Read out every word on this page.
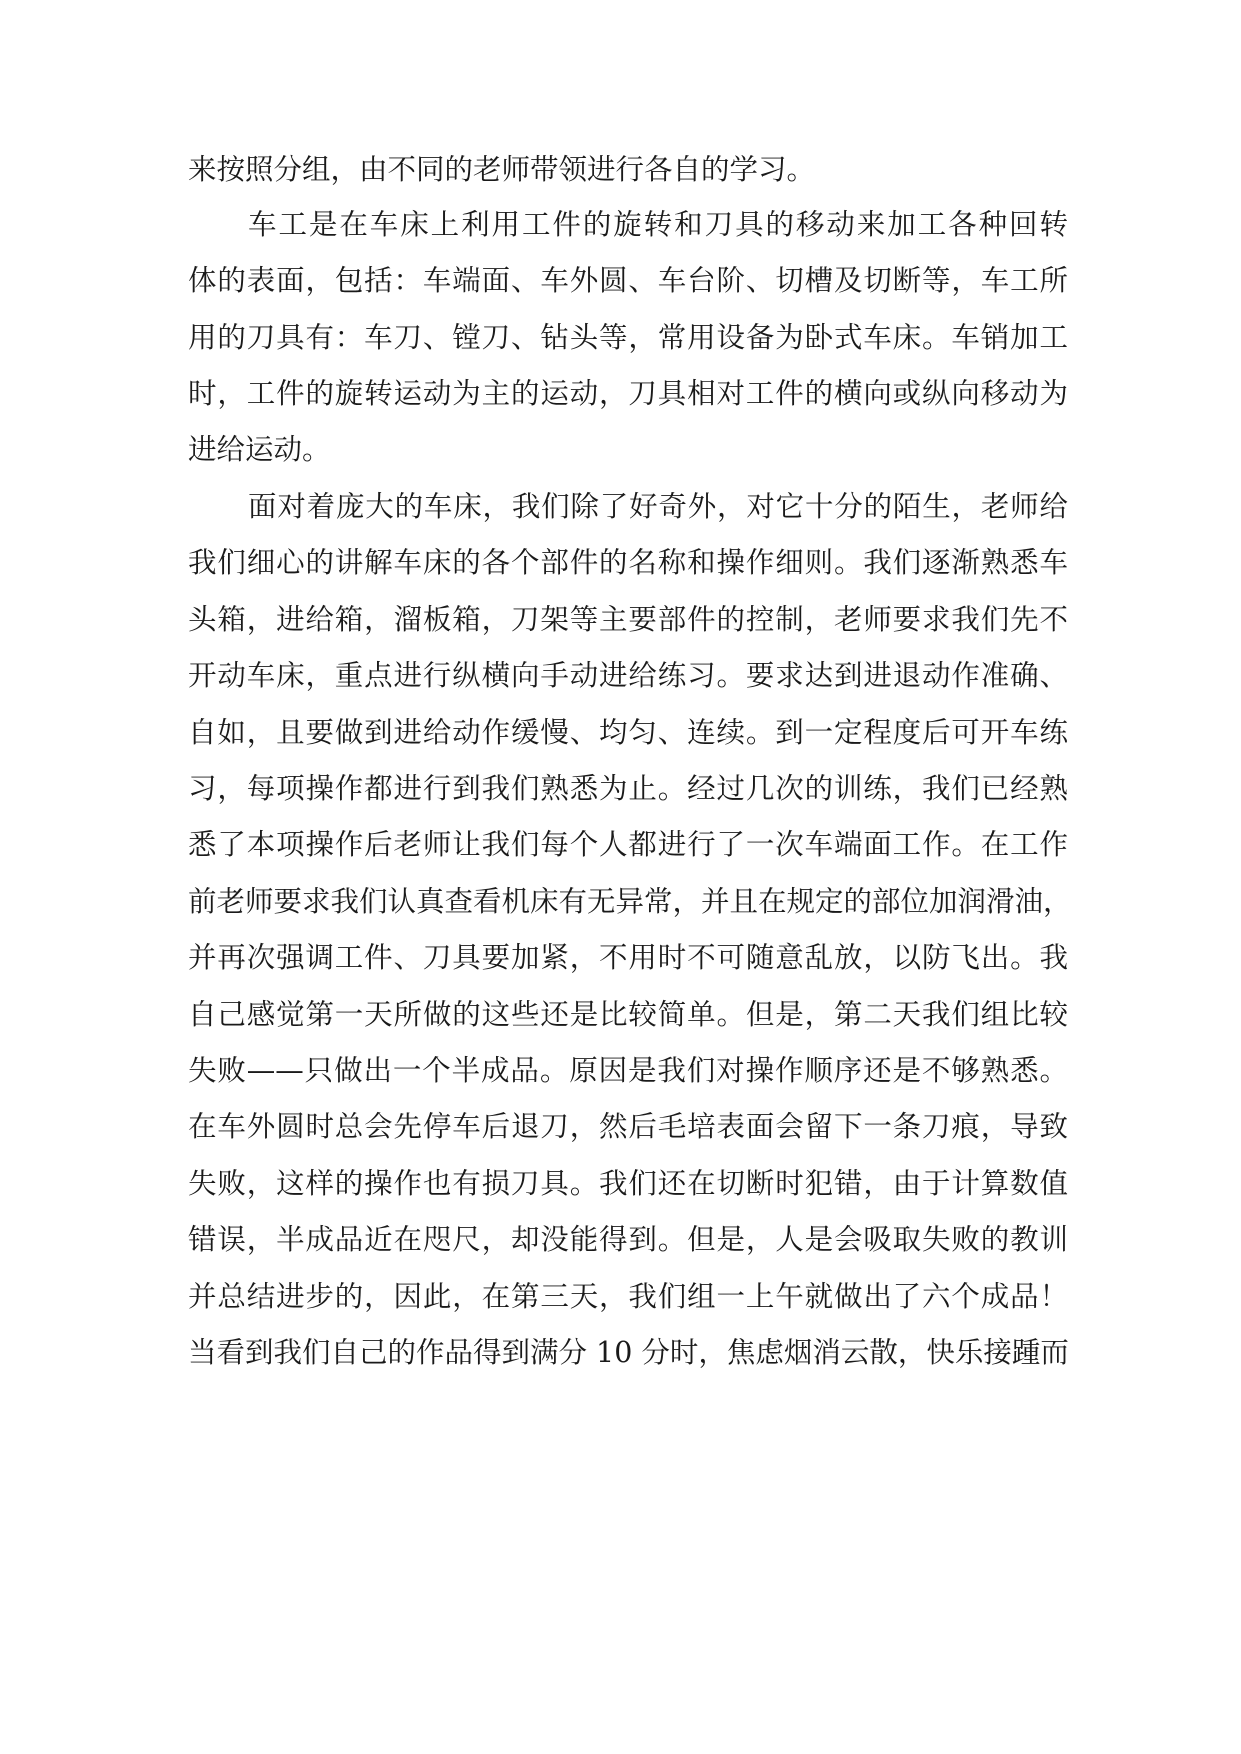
来按照分组，由不同的老师带领进行各自的学习。
车工是在车床上利用工件的旋转和刀具的移动来加工各种回转
体的表面，包括：车端面、车外圆、车台阶、切槽及切断等，车工所
用的刀具有：车刀、镗刀、钻头等，常用设备为卧式车床。车销加工
时，工件的旋转运动为主的运动，刀具相对工件的横向或纵向移动为
进给运动。
面对着庞大的车床，我们除了好奇外，对它十分的陌生，老师给
我们细心的讲解车床的各个部件的名称和操作细则。我们逐渐熟悉车
头箱，进给箱，溜板箱，刀架等主要部件的控制，老师要求我们先不
开动车床，重点进行纵横向手动进给练习。要求达到进退动作准确、
自如，且要做到进给动作缓慢、均匀、连续。到一定程度后可开车练
习，每项操作都进行到我们熟悉为止。经过几次的训练，我们已经熟
悉了本项操作后老师让我们每个人都进行了一次车端面工作。在工作
前老师要求我们认真查看机床有无异常，并且在规定的部位加润滑油，
并再次强调工件、刀具要加紧，不用时不可随意乱放，以防飞出。我
自己感觉第一天所做的这些还是比较简单。但是，第二天我们组比较
失败——只做出一个半成品。原因是我们对操作顺序还是不够熟悉。
在车外圆时总会先停车后退刀，然后毛培表面会留下一条刀痕，导致
失败，这样的操作也有损刀具。我们还在切断时犯错，由于计算数值
错误，半成品近在咫尺，却没能得到。但是，人是会吸取失败的教训
并总结进步的，因此，在第三天，我们组一上午就做出了六个成品！
当看到我们自己的作品得到满分 10 分时，焦虑烟消云散，快乐接踵而
